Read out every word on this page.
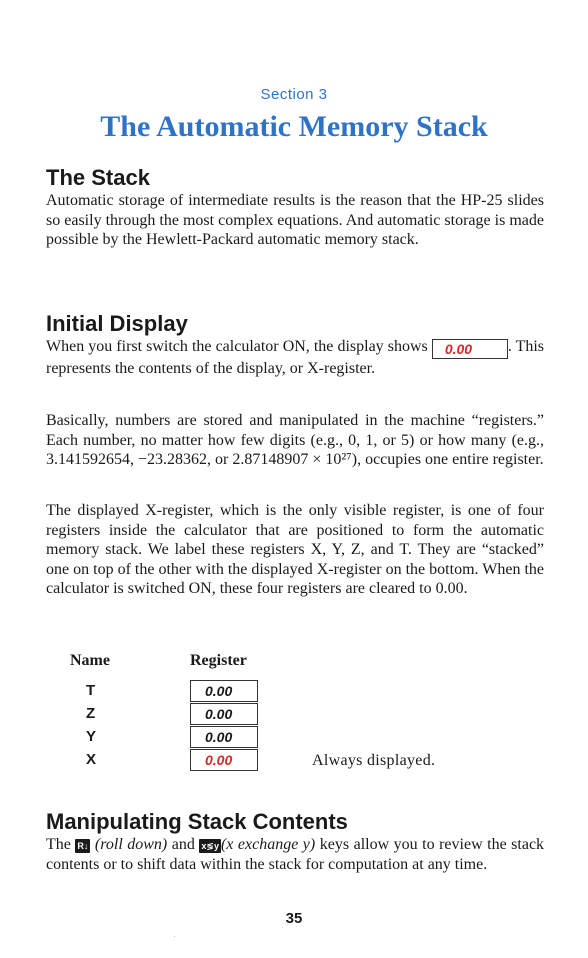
Section 3
The Automatic Memory Stack
The Stack

Automatic storage of intermediate results is the reason that the HP-25 slides so easily through the most complex equations. And automatic storage is made possible by the Hewlett-Packard automatic memory stack.

Initial Display

When you first switch the calculator ON, the display shows 0.00 . This represents the contents of the display, or X-register.

Basically, numbers are stored and manipulated in the machine “registers.” Each number, no matter how few digits (e.g., 0, 1, or 5) or how many (e.g., 3.141592654, −23.28362, or 2.87148907 × 10²⁷), occupies one entire register.

The displayed X-register, which is the only visible register, is one of four registers inside the calculator that are positioned to form the automatic memory stack. We label these registers X, Y, Z, and T. They are “stacked” one on top of the other with the displayed X-register on the bottom. When the calculator is switched ON, these four registers are cleared to 0.00.

Name	Register
T	0.00
Z	0.00
Y	0.00
X	0.00	Always displayed.
Manipulating Stack Contents

The R↓ (roll down) and x≶y (x exchange y) keys allow you to review the stack contents or to shift data within the stack for computation at any time.

35
